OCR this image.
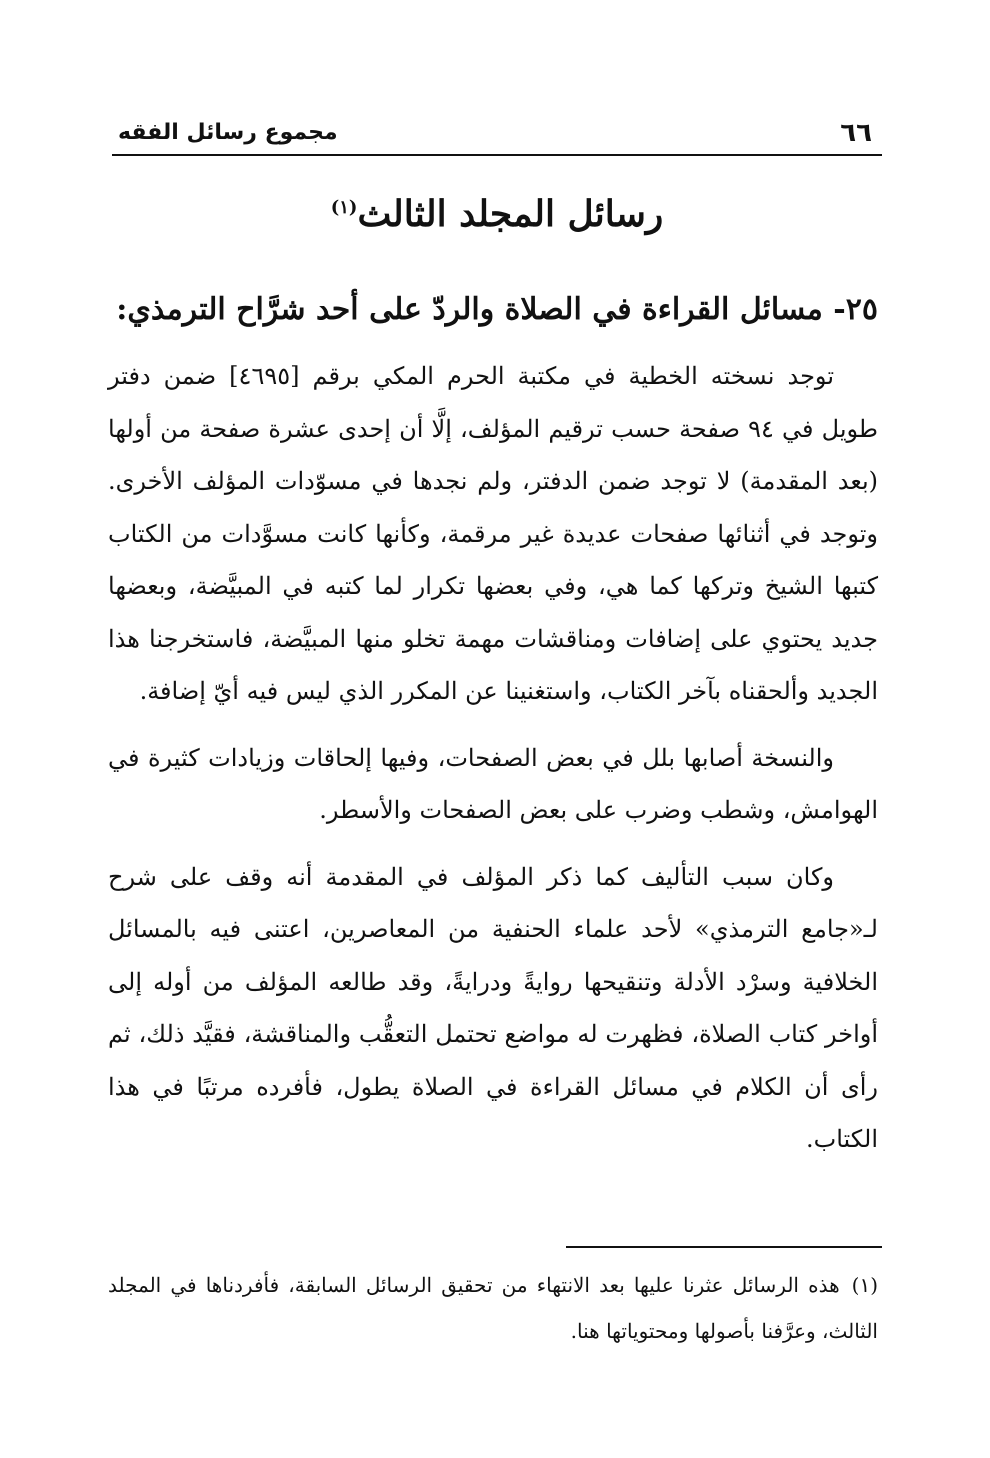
٦٦
مجموع رسائل الفقه
رسائل المجلد الثالث$^{(١)}$
٢٥- مسائل القراءة في الصلاة والردّ على أحد شرَّاح الترمذي:

توجد نسخته الخطية في مكتبة الحرم المكي برقم [٤٦٩٥] ضمن دفتر طويل في ٩٤ صفحة حسب ترقيم المؤلف، إلَّا أن إحدى عشرة صفحة من أولها (بعد المقدمة) لا توجد ضمن الدفتر، ولم نجدها في مسوّدات المؤلف الأخرى. وتوجد في أثنائها صفحات عديدة غير مرقمة، وكأنها كانت مسوَّدات من الكتاب كتبها الشيخ وتركها كما هي، وفي بعضها تكرار لما كتبه في المبيَّضة، وبعضها جديد يحتوي على إضافات ومناقشات مهمة تخلو منها المبيَّضة، فاستخرجنا هذا الجديد وألحقناه بآخر الكتاب، واستغنينا عن المكرر الذي ليس فيه أيّ إضافة.

والنسخة أصابها بلل في بعض الصفحات، وفيها إلحاقات وزيادات كثيرة في الهوامش، وشطب وضرب على بعض الصفحات والأسطر.

وكان سبب التأليف كما ذكر المؤلف في المقدمة أنه وقف على شرح لـ«جامع الترمذي» لأحد علماء الحنفية من المعاصرين، اعتنى فيه بالمسائل الخلافية وسرْد الأدلة وتنقيحها روايةً ودرايةً، وقد طالعه المؤلف من أوله إلى أواخر كتاب الصلاة، فظهرت له مواضع تحتمل التعقُّب والمناقشة، فقيَّد ذلك، ثم رأى أن الكلام في مسائل القراءة في الصلاة يطول، فأفرده مرتبًا في هذا الكتاب.

(١)هذه الرسائل عثرنا عليها بعد الانتهاء من تحقيق الرسائل السابقة، فأفردناها في المجلد الثالث، وعرَّفنا بأصولها ومحتوياتها هنا.
